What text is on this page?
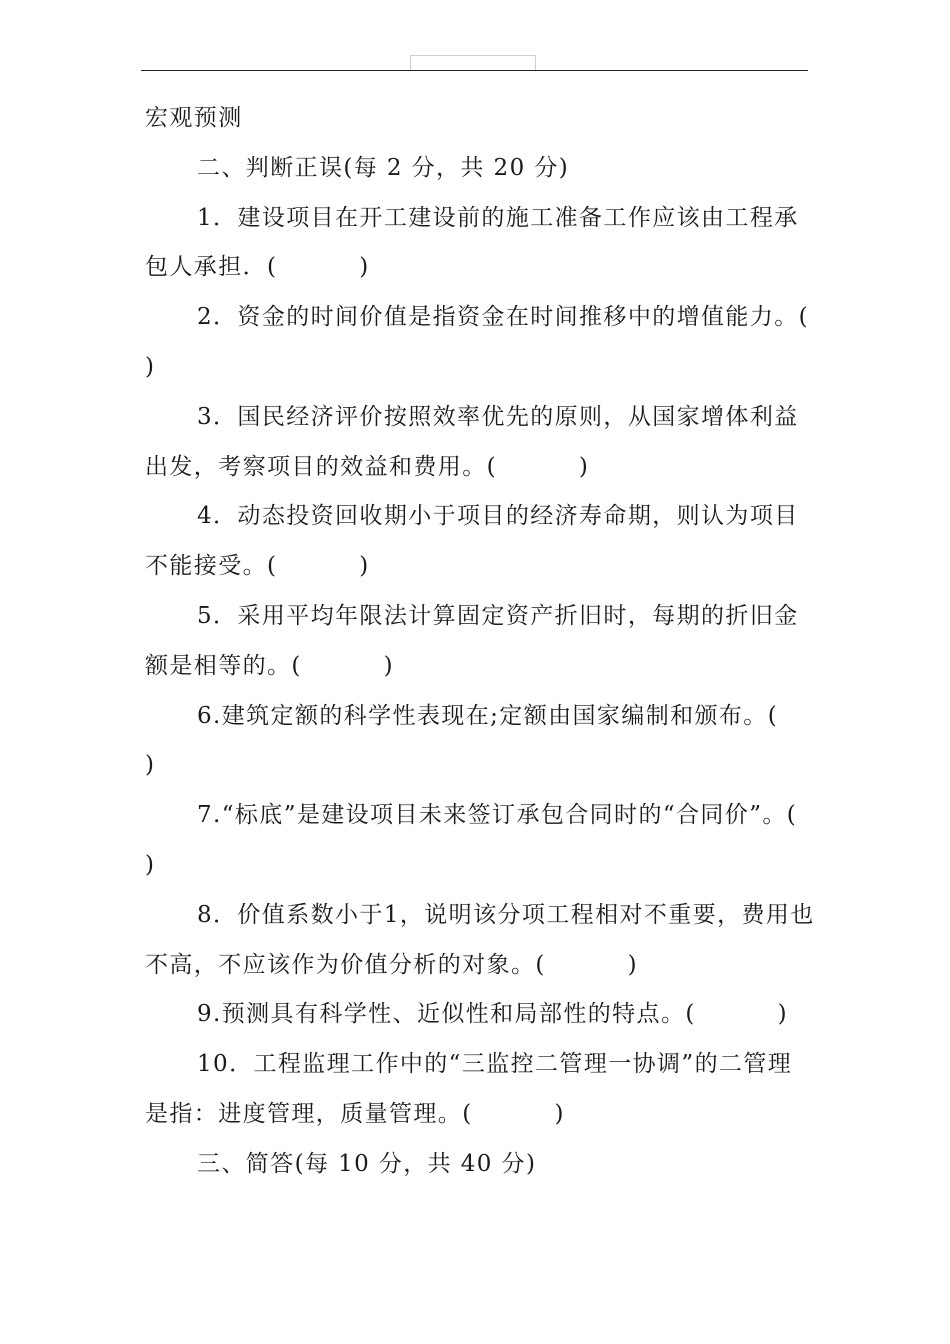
宏观预测

二、判断正误(每 2 分，共 20 分)

1．建设项目在开工建设前的施工准备工作应该由工程承包人承担．(　　　 )

2．资金的时间价值是指资金在时间推移中的增值能力。(　　　 )

3．国民经济评价按照效率优先的原则，从国家增体利益出发，考察项目的效益和费用。(　　　 )

4．动态投资回收期小于项目的经济寿命期，则认为项目不能接受。(　　　 )

5．采用平均年限法计算固定资产折旧时，每期的折旧金额是相等的。(　　　 )

6.建筑定额的科学性表现在;定额由国家编制和颁布。(　　　 )

7.“标底”是建设项目未来签订承包合同时的“合同价”。(　　　 )

8．价值系数小于1，说明该分项工程相对不重要，费用也不高，不应该作为价值分析的对象。(　　　 )

9.预测具有科学性、近似性和局部性的特点。(　　　 )

10．工程监理工作中的“三监控二管理一协调”的二管理是指：进度管理，质量管理。(　　　 )

三、简答(每 10 分，共 40 分)
